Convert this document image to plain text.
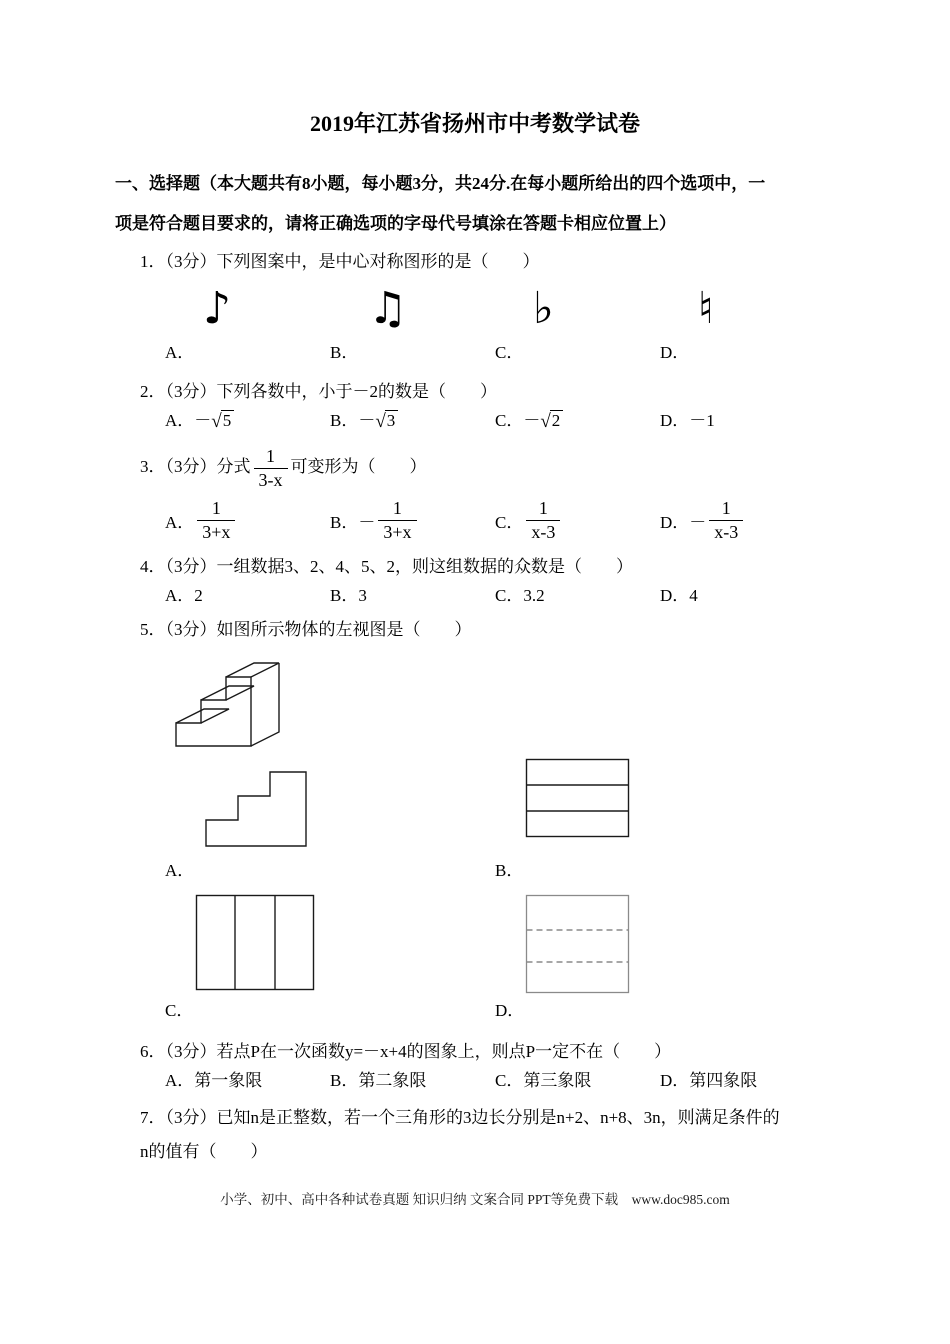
2019年江苏省扬州市中考数学试卷
一、选择题（本大题共有8小题，每小题3分，共24分.在每小题所给出的四个选项中，一
项是符合题目要求的，请将正确选项的字母代号填涂在答题卡相应位置上）
1．（3分）下列图案中，是中心对称图形的是（　　）
♪	♫	♭	♮
A．	B．	C．	D．
2．（3分）下列各数中，小于－2的数是（　　）
A．－√5	B．－√3	C．－√2	D．－1
3．（3分）分式 $\frac{1}{3-x}$ 可变形为（　　）
A． $\frac{1}{3+x}$	B．－ $\frac{1}{3+x}$	C． $\frac{1}{x-3}$	D．－ $\frac{1}{x-3}$
4．（3分）一组数据3、2、4、5、2，则这组数据的众数是（　　）
A．2	B．3	C．3.2	D．4
5．（3分）如图所示物体的左视图是（　　）
A．	B．
C．	D．
6．（3分）若点P在一次函数y=－x+4的图象上，则点P一定不在（　　）
A．第一象限	B．第二象限	C．第三象限	D．第四象限
7．（3分）已知n是正整数，若一个三角形的3边长分别是n+2、n+8、3n，则满足条件的
n的值有（　　）
小学、初中、高中各种试卷真题 知识归纳 文案合同 PPT等免费下载　www.doc985.com
